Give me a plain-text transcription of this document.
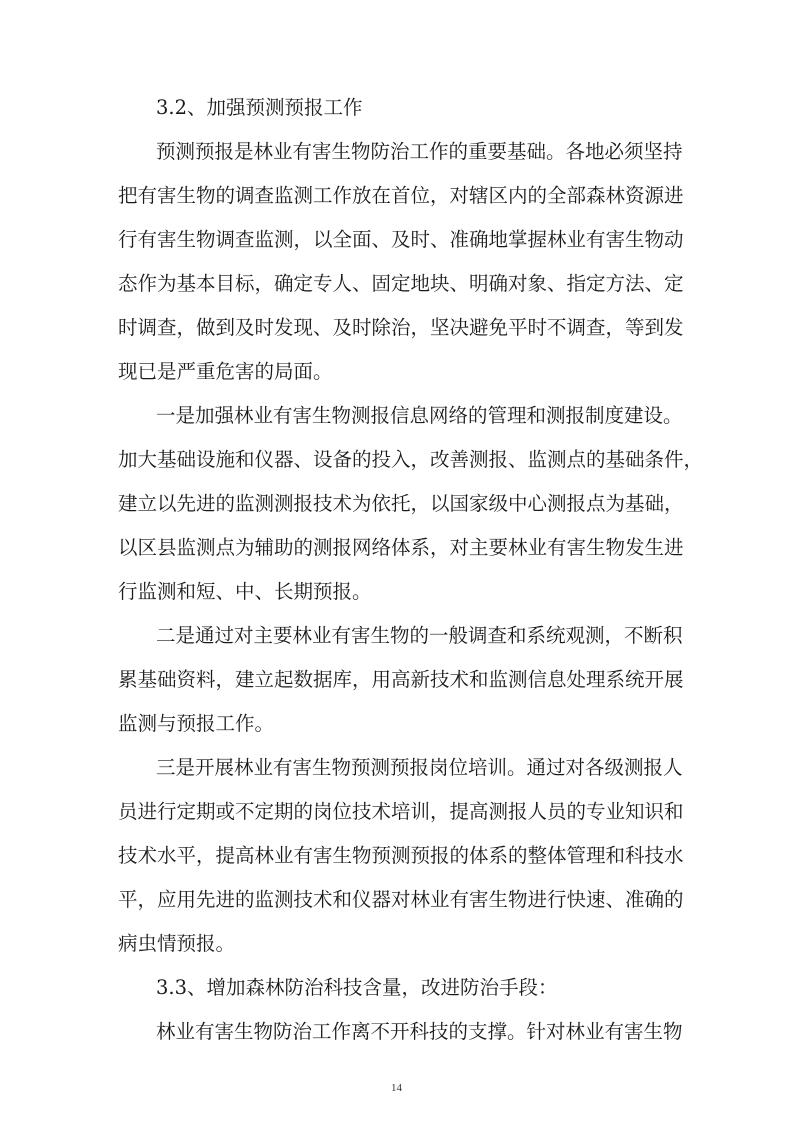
3.2、加强预测预报工作
预测预报是林业有害生物防治工作的重要基础。各地必须坚持
把有害生物的调查监测工作放在首位，对辖区内的全部森林资源进
行有害生物调查监测，以全面、及时、准确地掌握林业有害生物动
态作为基本目标，确定专人、固定地块、明确对象、指定方法、定
时调查，做到及时发现、及时除治，坚决避免平时不调查，等到发
现已是严重危害的局面。
一是加强林业有害生物测报信息网络的管理和测报制度建设。
加大基础设施和仪器、设备的投入，改善测报、监测点的基础条件，
建立以先进的监测测报技术为依托，以国家级中心测报点为基础，
以区县监测点为辅助的测报网络体系，对主要林业有害生物发生进
行监测和短、中、长期预报。
二是通过对主要林业有害生物的一般调查和系统观测，不断积
累基础资料，建立起数据库，用高新技术和监测信息处理系统开展
监测与预报工作。
三是开展林业有害生物预测预报岗位培训。通过对各级测报人
员进行定期或不定期的岗位技术培训，提高测报人员的专业知识和
技术水平，提高林业有害生物预测预报的体系的整体管理和科技水
平，应用先进的监测技术和仪器对林业有害生物进行快速、准确的
病虫情预报。
3.3、增加森林防治科技含量，改进防治手段：
林业有害生物防治工作离不开科技的支撑。针对林业有害生物
14
